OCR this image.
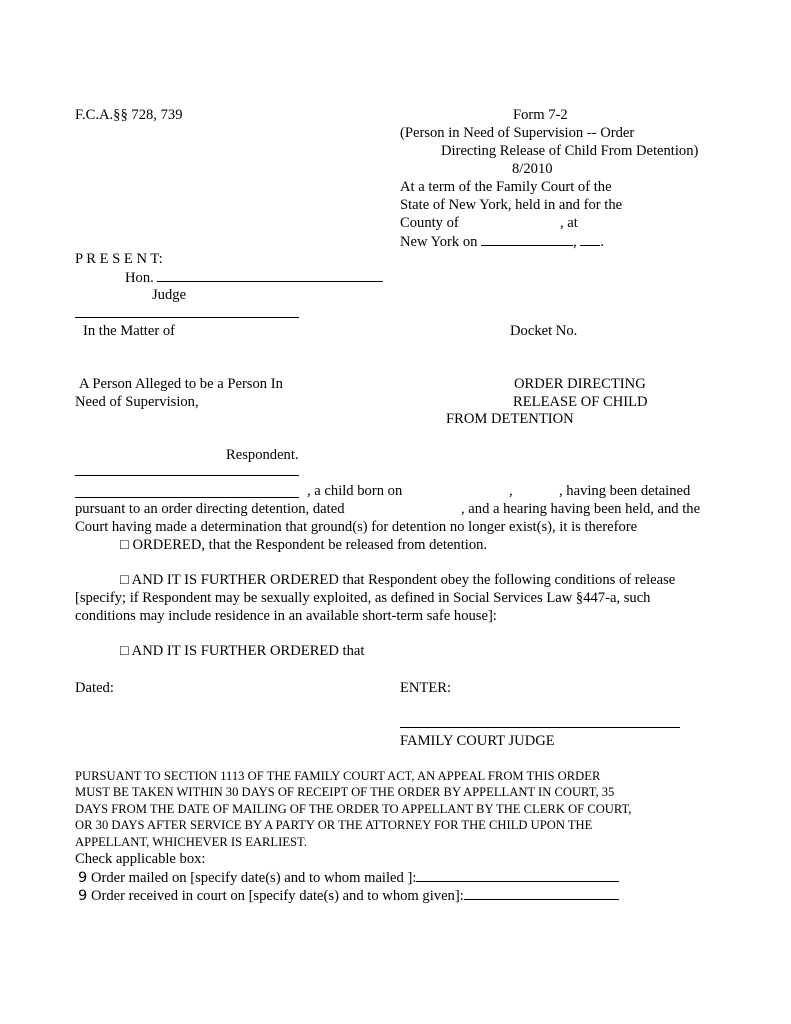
F.C.A.§§ 728, 739	Form 7-2
(Person in Need of Supervision -- Order
Directing Release of Child From Detention)
8/2010
At a term of the Family Court of the
State of New York, held in and for the
County of	, at
New York on	, .
P R E S E N T:
Hon.
Judge
In the Matter of	Docket No.
A Person Alleged to be a Person In
Need of Supervision,
ORDER DIRECTING
RELEASE OF CHILD
FROM DETENTION
Respondent.
, a child born on	,	, having been detained
pursuant to an order directing detention, dated	, and a hearing having been held, and the
Court having made a determination that ground(s) for detention no longer exist(s), it is therefore
□ ORDERED, that the Respondent be released from detention.
□ AND IT IS FURTHER ORDERED that Respondent obey the following conditions of release
[specify; if Respondent may be sexually exploited, as defined in Social Services Law §447-a, such
conditions may include residence in an available short-term safe house]:
□ AND IT IS FURTHER ORDERED that
Dated:	ENTER:
FAMILY COURT JUDGE
PURSUANT TO SECTION 1113 OF THE FAMILY COURT ACT, AN APPEAL FROM THIS ORDER
MUST BE TAKEN WITHIN 30 DAYS OF RECEIPT OF THE ORDER BY APPELLANT IN COURT, 35
DAYS FROM THE DATE OF MAILING OF THE ORDER TO APPELLANT BY THE CLERK OF COURT,
OR 30 DAYS AFTER SERVICE BY A PARTY OR THE ATTORNEY FOR THE CHILD UPON THE
APPELLANT, WHICHEVER IS EARLIEST.
Check applicable box:
9 Order mailed on [specify date(s) and to whom mailed ]:
9 Order received in court on [specify date(s) and to whom given]:
